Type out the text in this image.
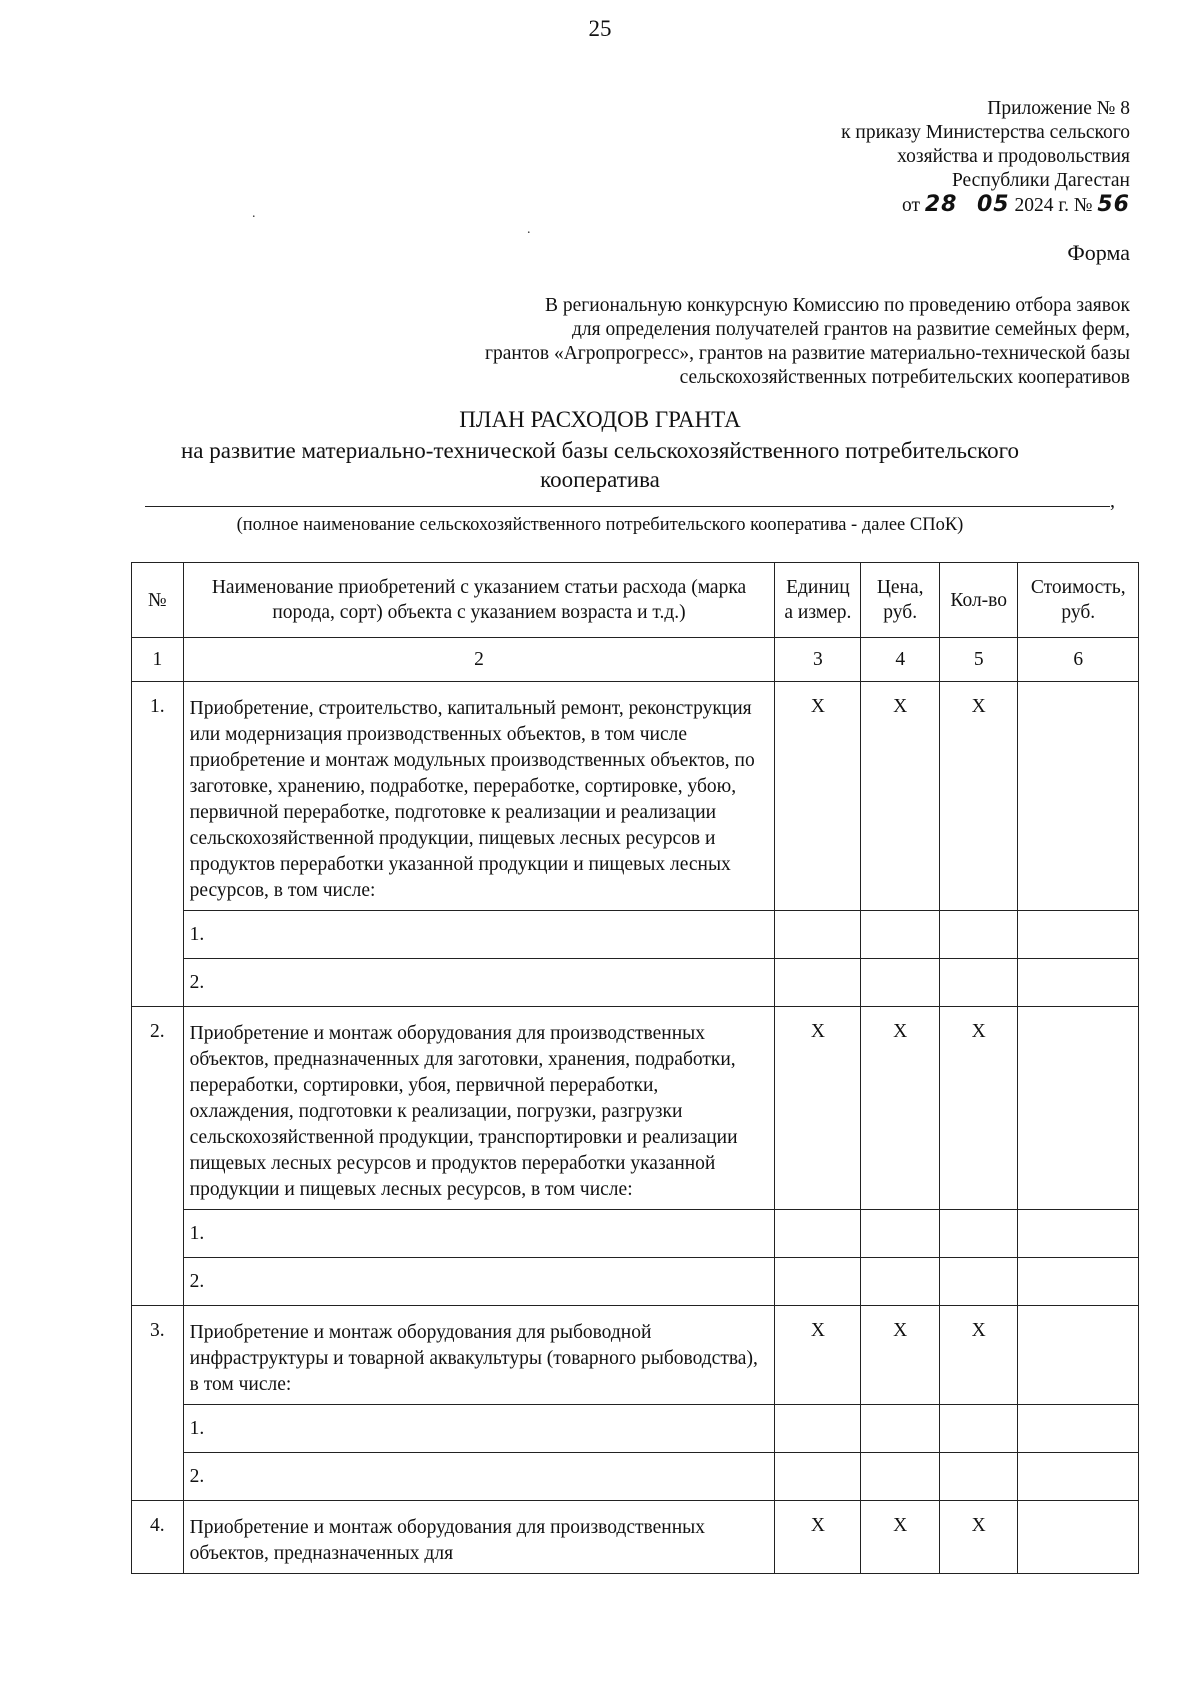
25
Приложение № 8
к приказу Министерства сельского
хозяйства и продовольствия
Республики Дагестан
от 28 05 2024 г. № 56
Форма
В региональную конкурсную Комиссию по проведению отбора заявок
для определения получателей грантов на развитие семейных ферм,
грантов «Агропрогресс», грантов на развитие материально-технической базы
сельскохозяйственных потребительских кооперативов
ПЛАН РАСХОДОВ ГРАНТА
на развитие материально-технической базы сельскохозяйственного потребительского
кооператива
,
(полное наименование сельскохозяйственного потребительского кооператива - далее СПоК)
№	Наименование приобретений с указанием статьи расхода (марка порода, сорт) объекта с указанием возраста и т.д.)	Единиц а измер.	Цена, руб.	Кол-во	Стоимость, руб.
1	2	3	4	5	6
1.	Приобретение, строительство, капитальный ремонт, реконструкция или модернизация производственных объектов, в том числе приобретение и монтаж модульных производственных объектов, по заготовке, хранению, подработке, переработке, сортировке, убою, первичной переработке, подготовке к реализации и реализации сельскохозяйственной продукции, пищевых лесных ресурсов и продуктов переработки указанной продукции и пищевых лесных ресурсов, в том числе:	X	X	X	
	1.				
	2.				
2.	Приобретение и монтаж оборудования для производственных объектов, предназначенных для заготовки, хранения, подработки, переработки, сортировки, убоя, первичной переработки, охлаждения, подготовки к реализации, погрузки, разгрузки сельскохозяйственной продукции, транспортировки и реализации пищевых лесных ресурсов и продуктов переработки указанной продукции и пищевых лесных ресурсов, в том числе:	X	X	X	
	1.				
	2.				
3.	Приобретение и монтаж оборудования для рыбоводной инфраструктуры и товарной аквакультуры (товарного рыбоводства), в том числе:	X	X	X	
	1.				
	2.				
4.	Приобретение и монтаж оборудования для производственных объектов, предназначенных для	X	X	X	
.
.
